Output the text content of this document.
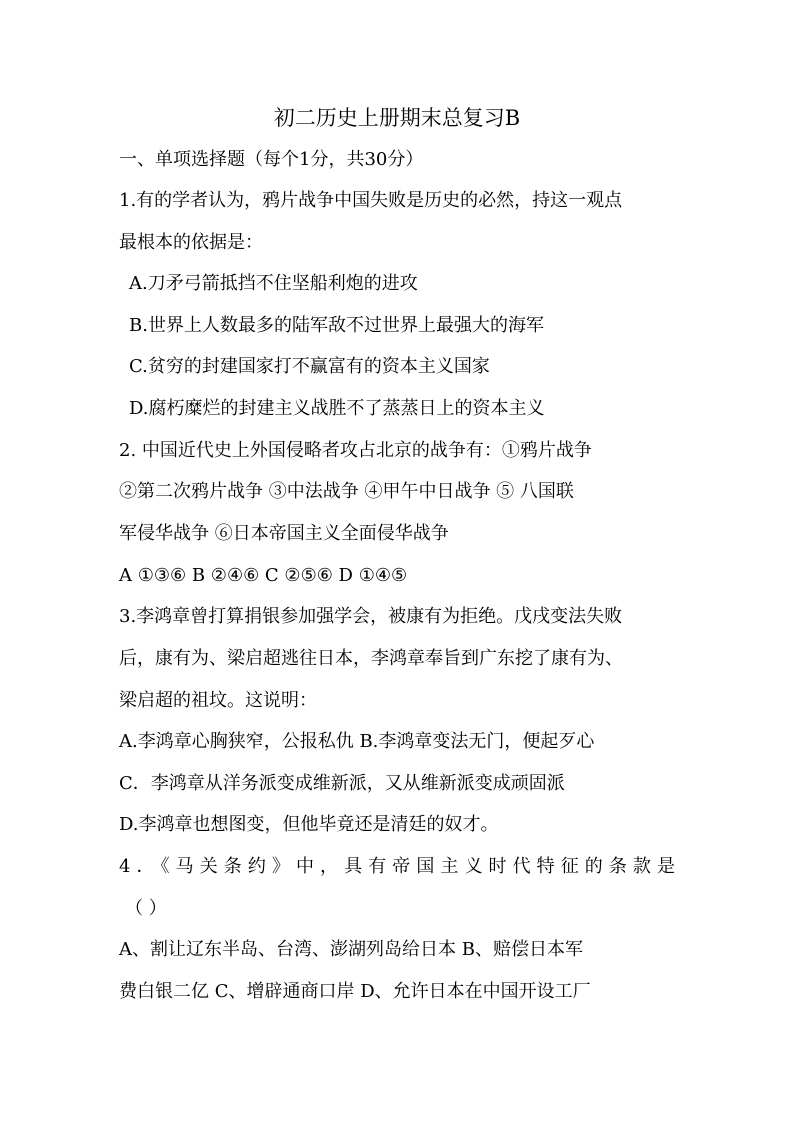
初二历史上册期末总复习B
一、单项选择题（每个1分，共30分）
1.有的学者认为，鸦片战争中国失败是历史的必然，持这一观点
最根本的依据是：
A.刀矛弓箭抵挡不住坚船利炮的进攻
B.世界上人数最多的陆军敌不过世界上最强大的海军
C.贫穷的封建国家打不赢富有的资本主义国家
D.腐朽糜烂的封建主义战胜不了蒸蒸日上的资本主义
2. 中国近代史上外国侵略者攻占北京的战争有：①鸦片战争
②第二次鸦片战争 ③中法战争 ④甲午中日战争 ⑤ 八国联
军侵华战争 ⑥日本帝国主义全面侵华战争
A ①③⑥ B ②④⑥ C ②⑤⑥ D ①④⑤
3.李鸿章曾打算捐银参加强学会，被康有为拒绝。戊戌变法失败
后，康有为、梁启超逃往日本，李鸿章奉旨到广东挖了康有为、
梁启超的祖坟。这说明：
A.李鸿章心胸狭窄，公报私仇 B.李鸿章变法无门，便起歹心
C．李鸿章从洋务派变成维新派，又从维新派变成顽固派
D.李鸿章也想图变，但他毕竟还是清廷的奴才。
4．《马关条约》中，具有帝国主义时代特征的条款是
（ ）
A、割让辽东半岛、台湾、澎湖列岛给日本 B、赔偿日本军
费白银二亿 C、增辟通商口岸 D、允许日本在中国开设工厂
